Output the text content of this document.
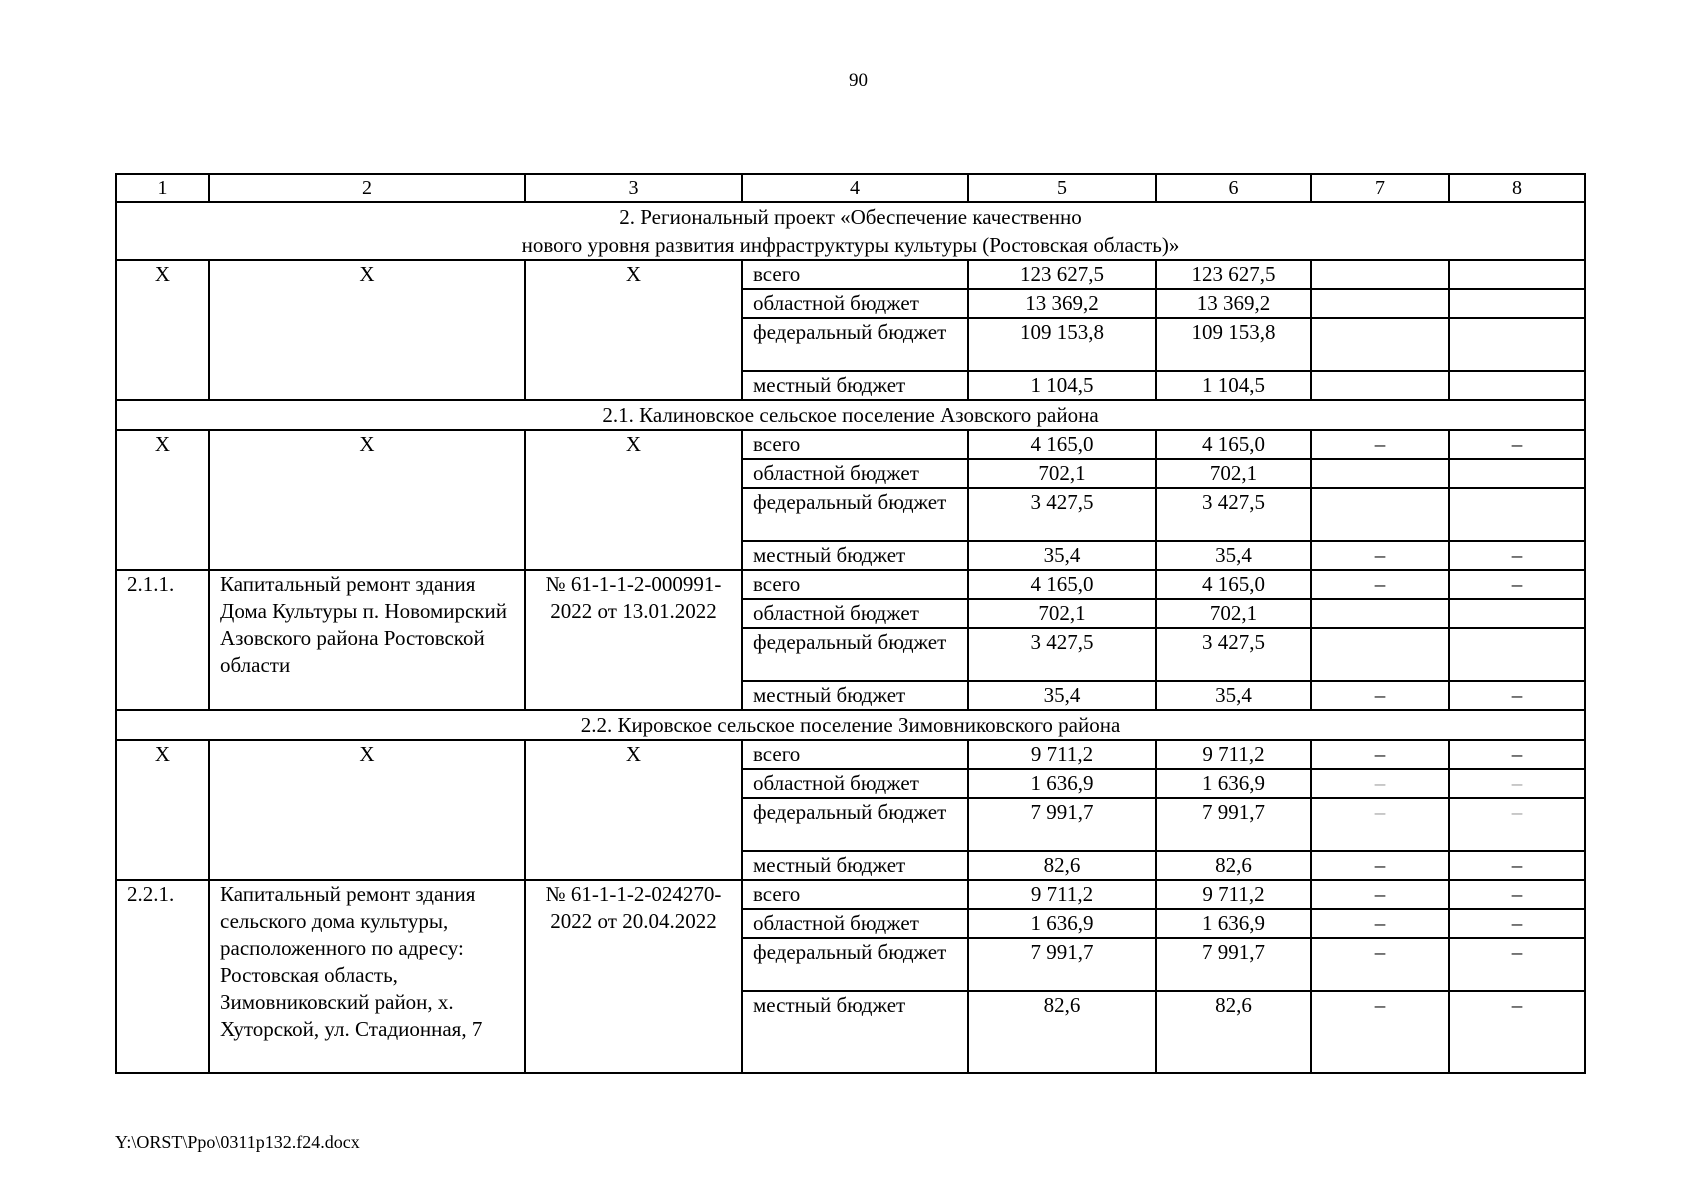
90
1	2	3	4	5	6	7	8

2. Региональный проект «Обеспечение качественно
нового уровня развития инфраструктуры культуры (Ростовская область)»							

X	X	X	всего	123 627,5	123 627,5		
			областной бюджет	13 369,2	13 369,2		
			федеральный бюджет	109 153,8	109 153,8		
			местный бюджет	1 104,5	1 104,5		

2.1. Калиновское сельское поселение Азовского района							

X	X	X	всего	4 165,0	4 165,0	–	–
			областной бюджет	702,1	702,1		
			федеральный бюджет	3 427,5	3 427,5		
			местный бюджет	35,4	35,4	–	–
2.1.1.	Капитальный ремонт здания Дома Культуры п. Новомирский Азовского района Ростовской области	№ 61-1-1-2-000991-2022 от 13.01.2022	всего	4 165,0	4 165,0	–	–
			областной бюджет	702,1	702,1		
			федеральный бюджет	3 427,5	3 427,5		
			местный бюджет	35,4	35,4	–	–

2.2. Кировское сельское поселение Зимовниковского района							

X	X	X	всего	9 711,2	9 711,2	–	–
			областной бюджет	1 636,9	1 636,9	–	–
			федеральный бюджет	7 991,7	7 991,7	–	–
			местный бюджет	82,6	82,6	–	–
2.2.1.	Капитальный ремонт здания сельского дома культуры, расположенного по адресу: Ростовская область, Зимовниковский район, х. Хуторской, ул. Стадионная, 7	№ 61-1-1-2-024270-2022 от 20.04.2022	всего	9 711,2	9 711,2	–	–
			областной бюджет	1 636,9	1 636,9	–	–
			федеральный бюджет	7 991,7	7 991,7	–	–
			местный бюджет	82,6	82,6	–	–
Y:\ORST\Ppo\0311p132.f24.docx
